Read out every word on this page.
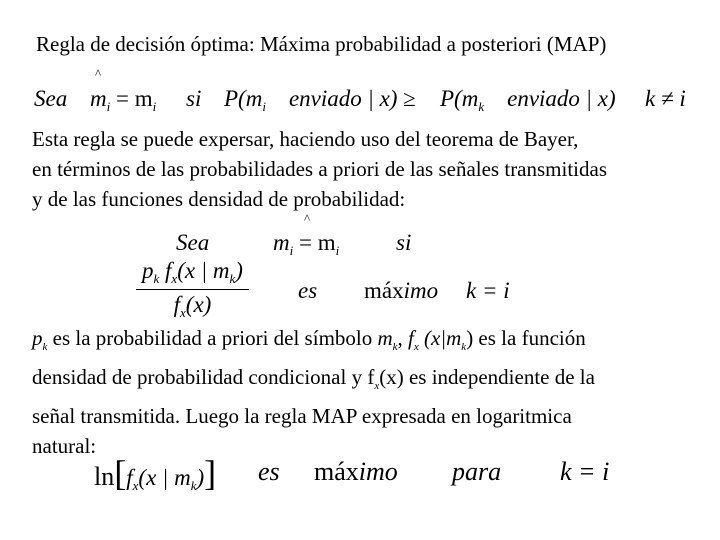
Regla de decisión óptima: Máxima probabilidad a posteriori (MAP)
Sea
^
$m_i = m_i$ si $P(m_i$ enviado | $x) \ge P(m_k$ enviado | x) k ≠ i
Esta regla se puede expersar, haciendo uso del teorema de Bayer,
en términos de las probabilidades a priori de las señales transmitidas
y de las funciones densidad de probabilidad:
Sea
^
$m_i = m_i$ si
$\frac{p_k f_x(x | m_k)}{f_x(x)}$ es máximo k = i
$p_k$ es la probabilidad a priori del símbolo $m_k$, $f_x$ $(x|m_k)$ es la función
densidad de probabilidad condicional y $f_x(x)$ es independiente de la
señal transmitida. Luego la regla MAP expresada en logaritmica
natural:
$\ln[f_x(x$ | $m_k$)] es máximo para k = i
